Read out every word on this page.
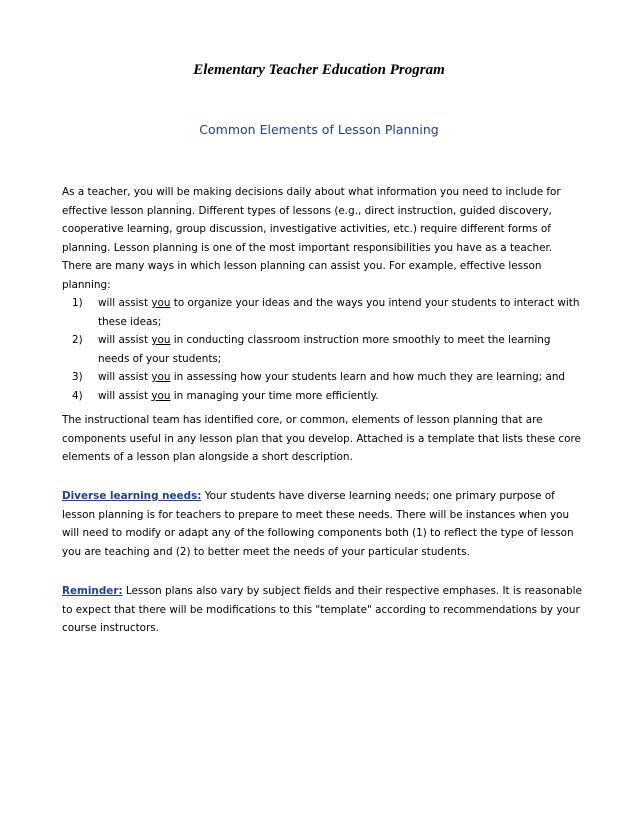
Elementary Teacher Education Program
Common Elements of Lesson Planning

As a teacher, you will be making decisions daily about what information you need to include for effective lesson planning. Different types of lessons (e.g., direct instruction, guided discovery, cooperative learning, group discussion, investigative activities, etc.) require different forms of planning. Lesson planning is one of the most important responsibilities you have as a teacher. There are many ways in which lesson planning can assist you. For example, effective lesson planning:

1) will assist you to organize your ideas and the ways you intend your students to interact with these ideas;
2) will assist you in conducting classroom instruction more smoothly to meet the learning needs of your students;
3) will assist you in assessing how your students learn and how much they are learning; and
4) will assist you in managing your time more efficiently.

The instructional team has identified core, or common, elements of lesson planning that are components useful in any lesson plan that you develop. Attached is a template that lists these core elements of a lesson plan alongside a short description.

Diverse learning needs: Your students have diverse learning needs; one primary purpose of lesson planning is for teachers to prepare to meet these needs. There will be instances when you will need to modify or adapt any of the following components both (1) to reflect the type of lesson you are teaching and (2) to better meet the needs of your particular students.

Reminder: Lesson plans also vary by subject fields and their respective emphases. It is reasonable to expect that there will be modifications to this "template" according to recommendations by your course instructors.
